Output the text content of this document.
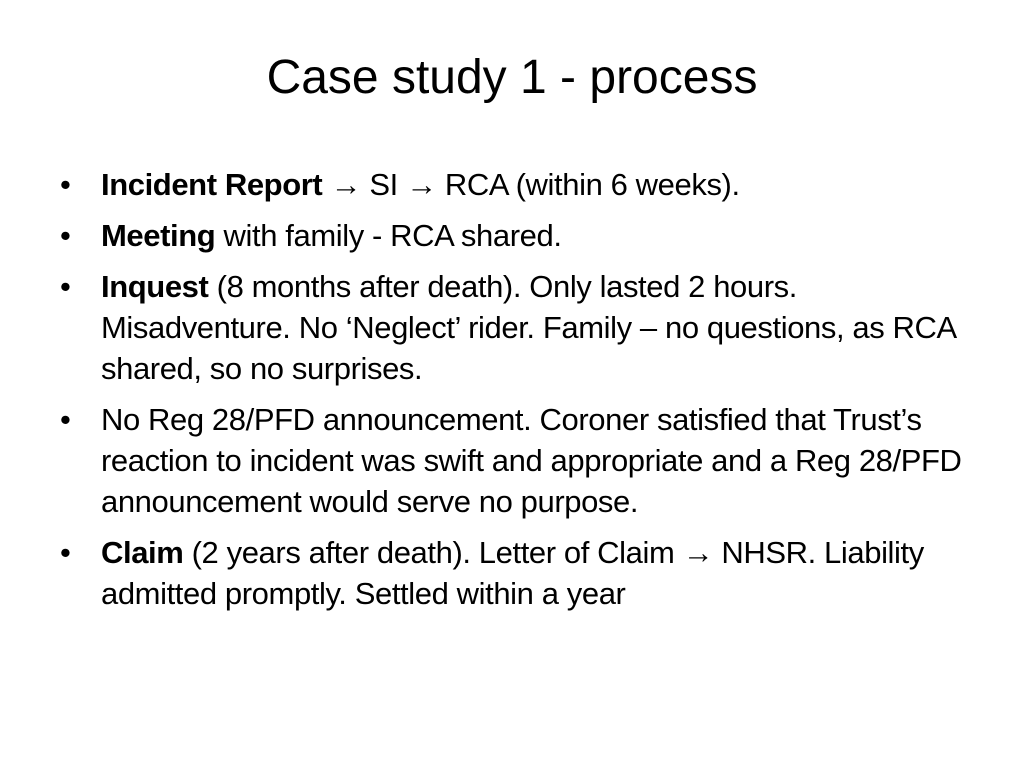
Case study 1 - process
• Incident Report → SI → RCA (within 6 weeks).
• Meeting with family - RCA shared.
• Inquest (8 months after death). Only lasted 2 hours. Misadventure. No ‘Neglect’ rider. Family – no questions, as RCA shared, so no surprises.
• No Reg 28/PFD announcement. Coroner satisfied that Trust’s reaction to incident was swift and appropriate and a Reg 28/PFD announcement would serve no purpose.
• Claim (2 years after death). Letter of Claim → NHSR. Liability admitted promptly. Settled within a year
